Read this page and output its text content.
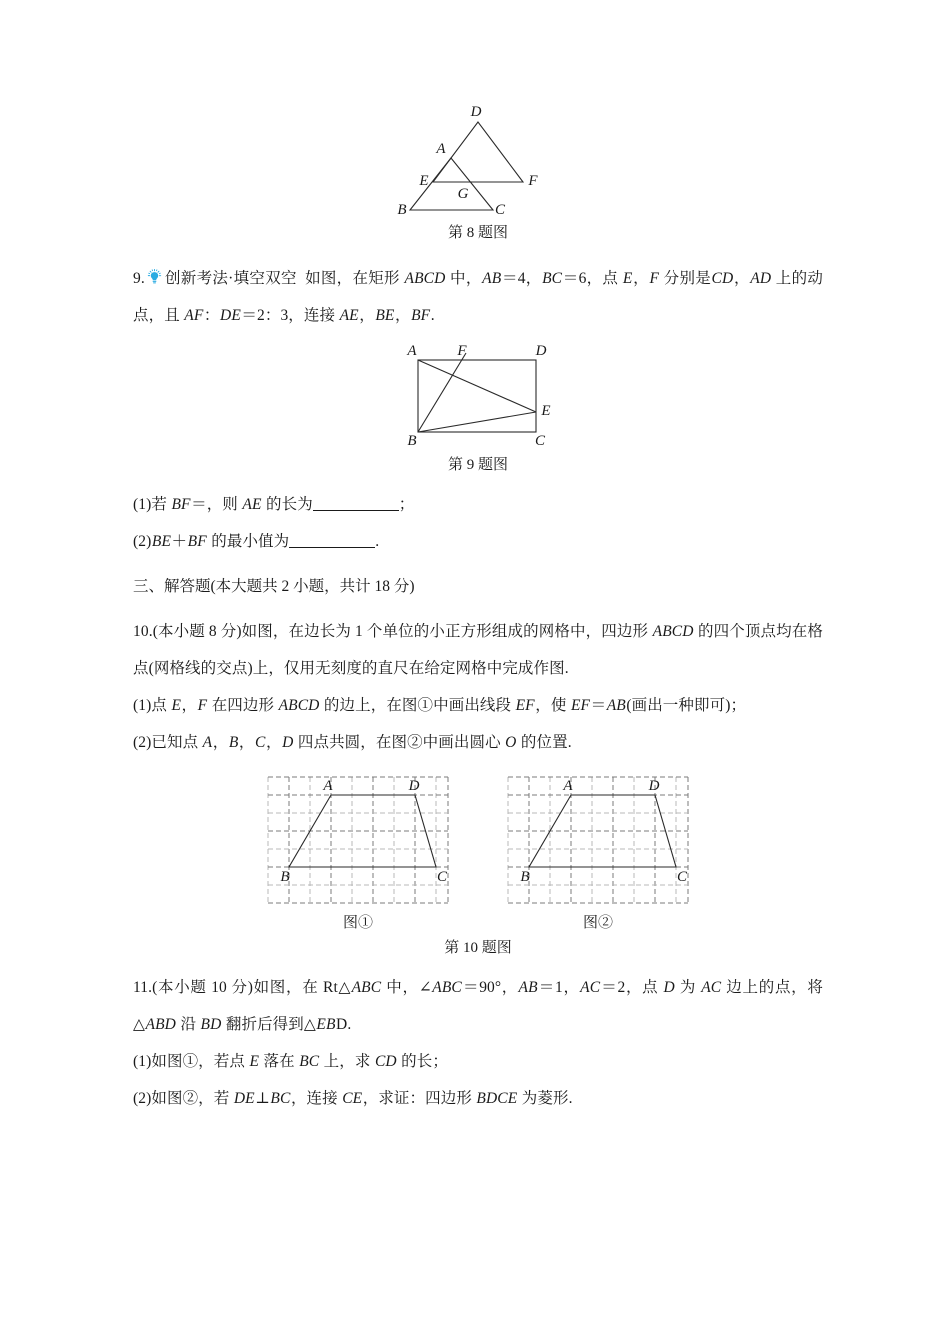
D
A
E
G
F
B	C
第 8 题图

9. 创新考法·填空双空 如图，在矩形 ABCD 中，AB＝4，BC＝6，点 E，F 分别是CD，AD 上的动点，且 AF：DE＝2：3，连接 AE，BE，BF.

A	F	D
E
B	C
第 9 题图

(1)若 BF＝，则 AE 的长为	；

(2)BE＋BF 的最小值为	.

三、解答题(本大题共 2 小题，共计 18 分)

10.(本小题 8 分)如图，在边长为 1 个单位的小正方形组成的网格中，四边形 ABCD 的四个顶点均在格点(网格线的交点)上，仅用无刻度的直尺在给定网格中完成作图.

(1)点 E，F 在四边形 ABCD 的边上，在图①中画出线段 EF，使 EF＝AB(画出一种即可)；

(2)已知点 A，B，C，D 四点共圆，在图②中画出圆心 O 的位置.

A	D
B	C
图①
A	D
B	C
图②
第 10 题图

11.(本小题 10 分)如图，在 Rt△ABC 中，∠ABC＝90°，AB＝1，AC＝2，点 D 为 AC 边上的点，将△ABD 沿 BD 翻折后得到△EBD.

(1)如图①，若点 E 落在 BC 上，求 CD 的长；

(2)如图②，若 DE⊥BC，连接 CE，求证：四边形 BDCE 为菱形.
